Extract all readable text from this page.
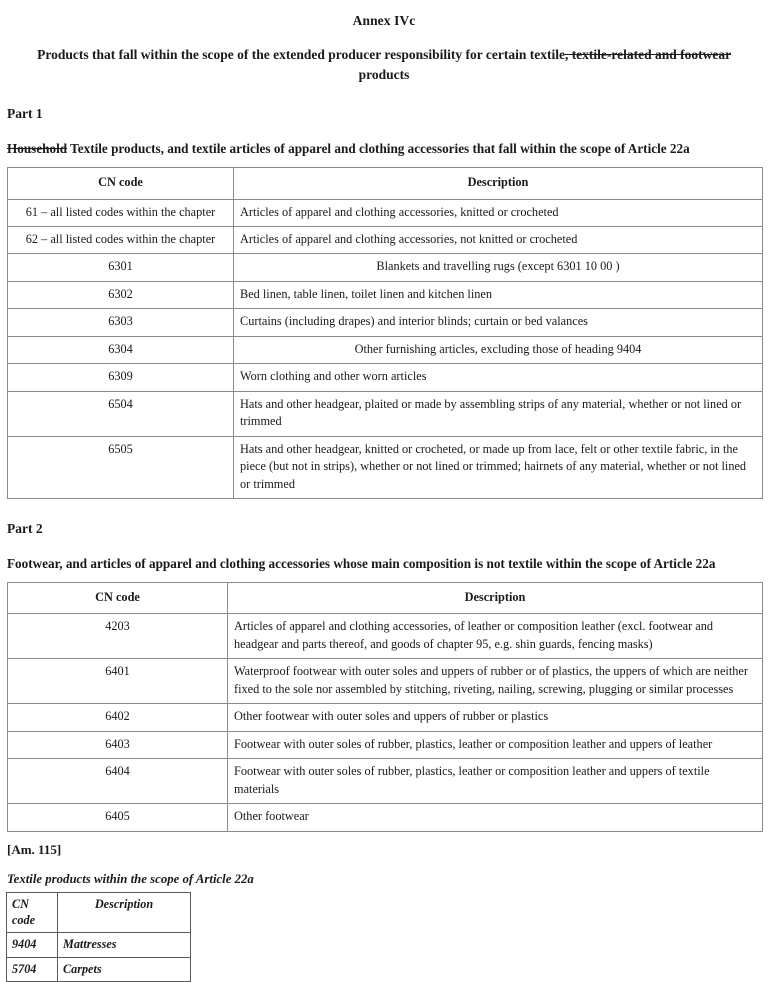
Annex IVc
Products that fall within the scope of the extended producer responsibility for certain textile, textile-related and footwear products
Part 1
Household Textile products, and textile articles of apparel and clothing accessories that fall within the scope of Article 22a
CN code	Description
61 – all listed codes within the chapter	Articles of apparel and clothing accessories, knitted or crocheted
62 – all listed codes within the chapter	Articles of apparel and clothing accessories, not knitted or crocheted
6301	Blankets and travelling rugs (except 6301 10 00 )
6302	Bed linen, table linen, toilet linen and kitchen linen
6303	Curtains (including drapes) and interior blinds; curtain or bed valances
6304	Other furnishing articles, excluding those of heading 9404
6309	Worn clothing and other worn articles
6504	Hats and other headgear, plaited or made by assembling strips of any material, whether or not lined or trimmed
6505	Hats and other headgear, knitted or crocheted, or made up from lace, felt or other textile fabric, in the piece (but not in strips), whether or not lined or trimmed; hairnets of any material, whether or not lined or trimmed
Part 2
Footwear, and articles of apparel and clothing accessories whose main composition is not textile within the scope of Article 22a
CN code	Description
4203	Articles of apparel and clothing accessories, of leather or composition leather (excl. footwear and headgear and parts thereof, and goods of chapter 95, e.g. shin guards, fencing masks)
6401	Waterproof footwear with outer soles and uppers of rubber or of plastics, the uppers of which are neither fixed to the sole nor assembled by stitching, riveting, nailing, screwing, plugging or similar processes
6402	Other footwear with outer soles and uppers of rubber or plastics
6403	Footwear with outer soles of rubber, plastics, leather or composition leather and uppers of leather
6404	Footwear with outer soles of rubber, plastics, leather or composition leather and uppers of textile materials
6405	Other footwear
[Am. 115]
Textile products within the scope of Article 22a
CN code	Description
9404	Mattresses
5704	Carpets
